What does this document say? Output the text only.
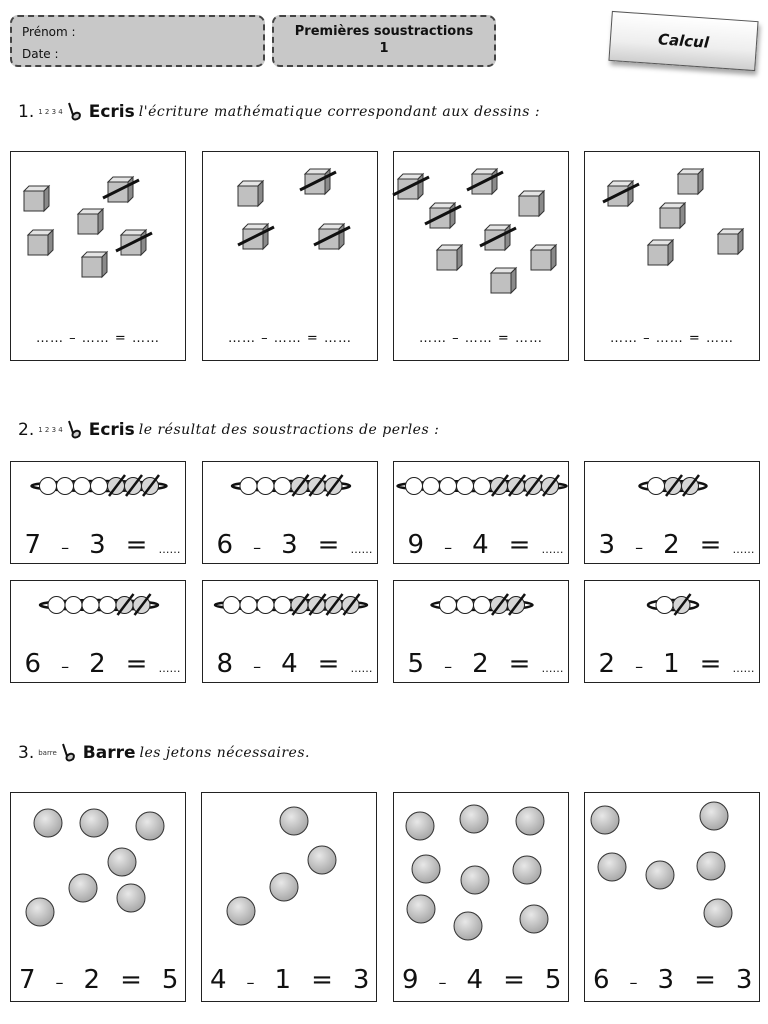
Prénom :
Date :
Premières soustractions
1	Calcul
1. 1 2 3 4 Ecris l'écriture mathématique correspondant aux dessins :
…… – …… = ……	…… – …… = ……	…… – …… = ……	…… – …… = ……
2. 1 2 3 4 Ecris le résultat des soustractions de perles :
7 – 3 = ……	6 – 3 = ……	9 – 4 = ……	3 – 2 = ……
6 – 2 = ……	8 – 4 = ……	5 – 2 = ……	2 – 1 = ……
3. barre Barre les jetons nécessaires.
7 – 2 = 5	4 – 1 = 3	9 – 4 = 5	6 – 3 = 3
